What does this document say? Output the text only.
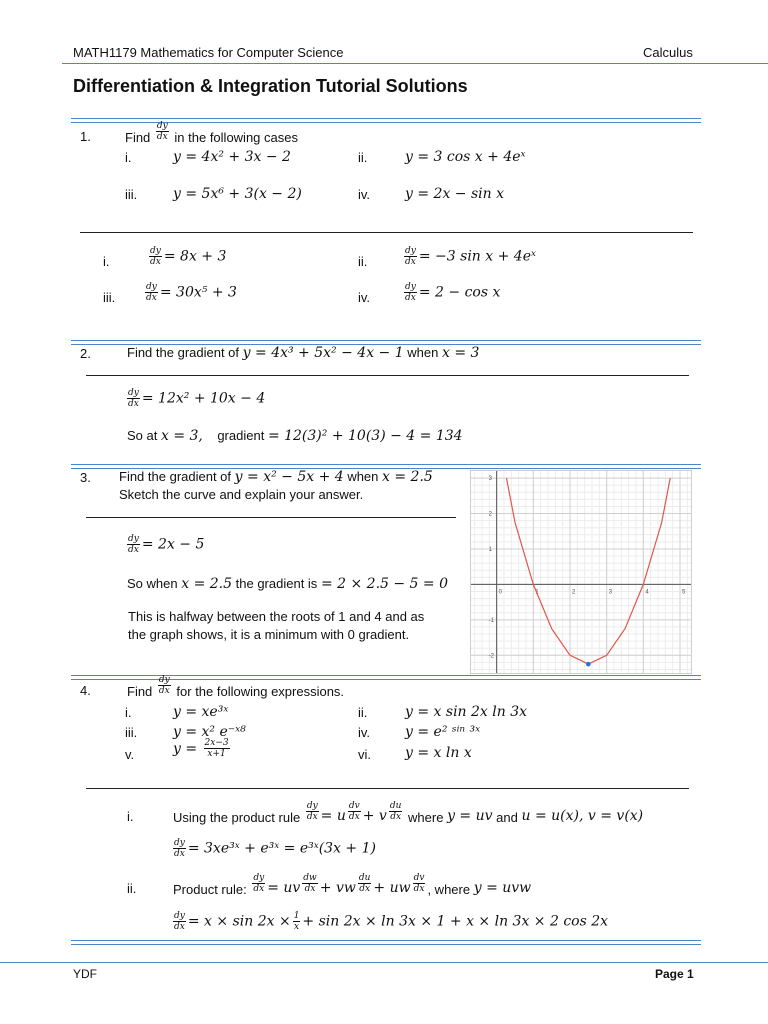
MATH1179 Mathematics for Computer Science	Calculus
Differentiation & Integration Tutorial Solutions
1.	Find $\frac{dy}{dx}$ in the following cases
i.	y = 4x² + 3x − 2	ii.	y = 3 cos x + 4eˣ
iii.	y = 5x⁶ + 3(x − 2)	iv. y = 2x − sin x
i.	$\frac{dy}{dx} = 8x + 3$	ii.	$\frac{dy}{dx} = -3$ sin x + 4eˣ
iii.	$\frac{dy}{dx} = 30x^5 + 3$	iv.	$\frac{dy}{dx} = 2 - \cos x$
2.	Find the gradient of y = 4x³ + 5x² − 4x − 1 when x = 3
$\frac{dy}{dx} = 12x^2 + 10x - 4$
So at x = 3, gradient = 12(3)² + 10(3) − 4 = 134
3. Find the gradient of y = x² − 5x + 4 when x = 2.5
Sketch the curve and explain your answer.
$\frac{dy}{dx} = 2x - 5$
So when x = 2.5 the gradient is = 2 × 2.5 − 5 = 0
This is halfway between the roots of 1 and 4 and as
the graph shows, it is a minimum with 0 gradient.
0	1	2	3	4	5
3
2
1
-1
-2
4.	Find $\frac{dy}{dx}$ for the following expressions.
i.	y = xe³ˣ	ii.	y = x sin 2x ln 3x
iii.	y = x² e⁻ˣ⁸	iv. y = e² ˢⁱⁿ ³ˣ
v.	$y = \frac{2x-3}{x+1}$	vi. y = x ln x
i.	Using the product rule $\frac{dy}{dx} = u \frac{dv}{dx} + v \frac{du}{dx}$ where y = uv and u = u(x), v = v(x)
$\frac{dy}{dx}$ = 3xe³ˣ + e³ˣ = e³ˣ(3x + 1)
ii.	Product rule: $\frac{dy}{dx}$ = uv $\frac{dw}{dx}$ + vw $\frac{du}{dx}$ + uw $\frac{dv}{dx}$ , where y = uvw
$\frac{dy}{dx} = x \times \sin 2x \times \frac{1}{x} + \sin 2x \times \ln 3x \times 1 + x \times \ln 3x \times 2$ cos 2x
YDF	Page 1
